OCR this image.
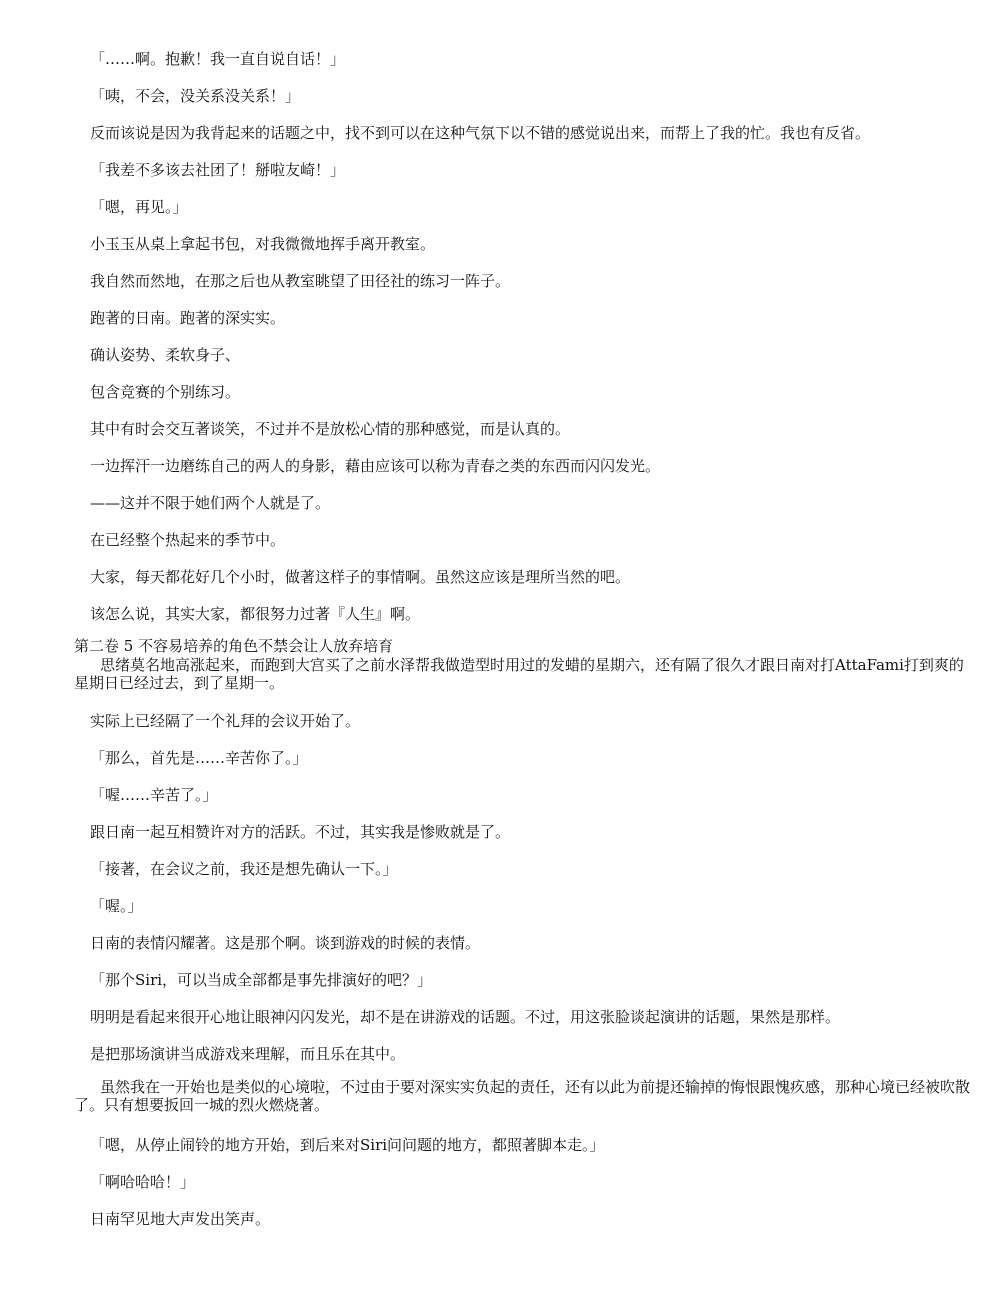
「……啊。抱歉！我一直自说自话！」
「咦，不会，没关系没关系！」
反而该说是因为我背起来的话题之中，找不到可以在这种气氛下以不错的感觉说出来，而帮上了我的忙。我也有反省。
「我差不多该去社团了！掰啦友崎！」
「嗯，再见。」
小玉玉从桌上拿起书包，对我微微地挥手离开教室。
我自然而然地，在那之后也从教室眺望了田径社的练习一阵子。
跑著的日南。跑著的深实实。
确认姿势、柔软身子、
包含竞赛的个别练习。
其中有时会交互著谈笑，不过并不是放松心情的那种感觉，而是认真的。
一边挥汗一边磨练自己的两人的身影，藉由应该可以称为青春之类的东西而闪闪发光。
——这并不限于她们两个人就是了。
在已经整个热起来的季节中。
大家，每天都花好几个小时，做著这样子的事情啊。虽然这应该是理所当然的吧。
该怎么说，其实大家，都很努力过著『人生』啊。
第二卷 5 不容易培养的角色不禁会让人放弃培育
思绪莫名地高涨起来，而跑到大宫买了之前水泽帮我做造型时用过的发蜡的星期六，还有隔了很久才跟日南对打AttaFami打到爽的星期日已经过去，到了星期一。
实际上已经隔了一个礼拜的会议开始了。
「那么，首先是……辛苦你了。」
「喔……辛苦了。」
跟日南一起互相赞许对方的活跃。不过，其实我是惨败就是了。
「接著，在会议之前，我还是想先确认一下。」
「喔。」
日南的表情闪耀著。这是那个啊。谈到游戏的时候的表情。
「那个Siri，可以当成全部都是事先排演好的吧？」
明明是看起来很开心地让眼神闪闪发光，却不是在讲游戏的话题。不过，用这张脸谈起演讲的话题，果然是那样。
是把那场演讲当成游戏来理解，而且乐在其中。
虽然我在一开始也是类似的心境啦，不过由于要对深实实负起的责任，还有以此为前提还输掉的悔恨跟愧疚感，那种心境已经被吹散了。只有想要扳回一城的烈火燃烧著。
「嗯，从停止闹铃的地方开始，到后来对Siri问问题的地方，都照著脚本走。」
「啊哈哈哈！」
日南罕见地大声发出笑声。
